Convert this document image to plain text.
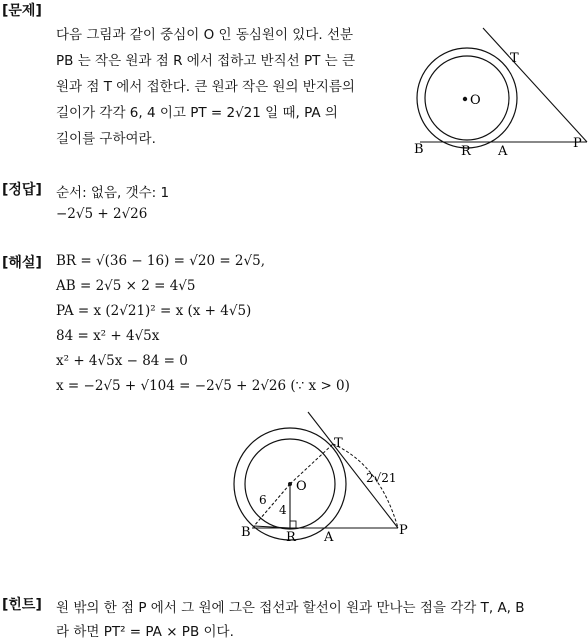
[문제]
[정답]
[해설]
[힌트]
다음 그림과 같이 중심이 O 인 동심원이 있다. 선분
PB 는 작은 원과 점 R 에서 접하고 반직선 PT 는 큰
원과 점 T 에서 접한다. 큰 원과 작은 원의 반지름의
길이가 각각 6, 4 이고 PT = 2√21 일 때, PA 의
길이를 구하여라.
순서: 없음, 갯수: 1
−2√5 + 2√26
BR = √(36 − 16) = √20 = 2√5,
AB = 2√5 × 2 = 4√5
PA = x (2√21)² = x (x + 4√5)
84 = x² + 4√5x
x² + 4√5x − 84 = 0
x = −2√5 + √104 = −2√5 + 2√26 (∵ x > 0)
원 밖의 한 점 P 에서 그 원에 그은 접선과 할선이 원과 만나는 점을 각각 T, A, B
라 하면 PT² = PA × PB 이다.
T
O
B	R A
P
T
O
6
4
2√21
B	R A	P
